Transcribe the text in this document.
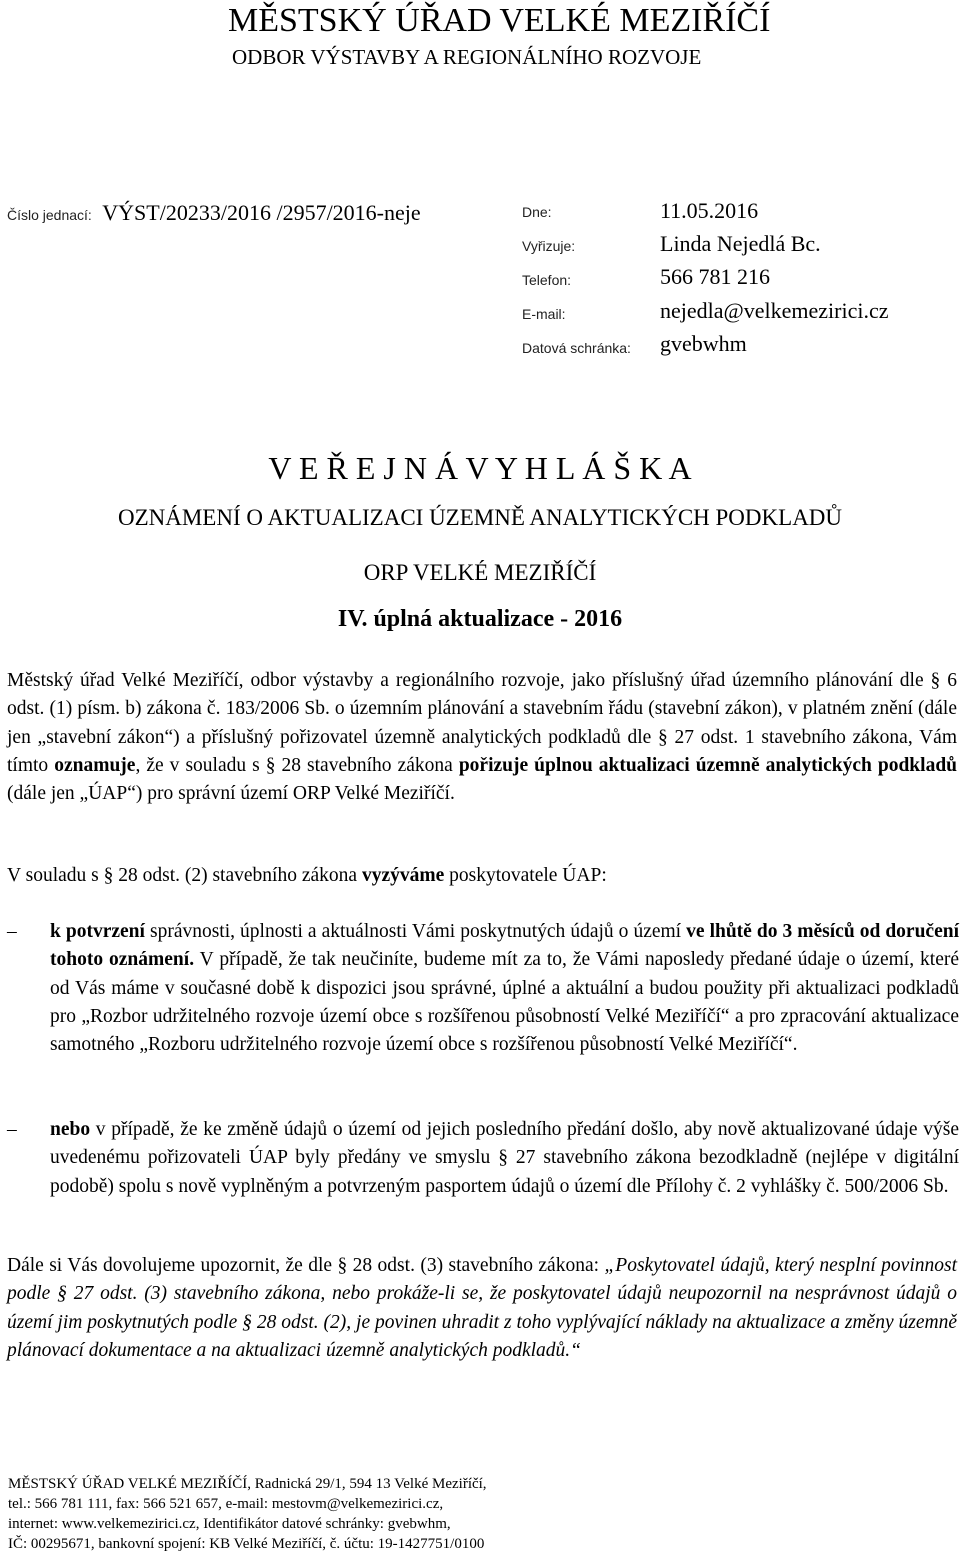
MĚSTSKÝ ÚŘAD VELKÉ MEZIŘÍČÍ
ODBOR VÝSTAVBY A REGIONÁLNÍHO ROZVOJE
Číslo jednací: VÝST/20233/2016 /2957/2016-neje	Dne:	11.05.2016
Vyřizuje:	Linda Nejedlá Bc.
Telefon:	566 781 216
E-mail:	nejedla@velkemezirici.cz
Datová schránka: gvebwhm
V E Ř E J N Á V Y H L Á Š K A
OZNÁMENÍ O AKTUALIZACI ÚZEMNĚ ANALYTICKÝCH PODKLADŮ
ORP VELKÉ MEZIŘÍČÍ
IV. úplná aktualizace - 2016
Městský úřad Velké Meziříčí, odbor výstavby a regionálního rozvoje, jako příslušný úřad územního plánování dle § 6 odst. (1) písm. b) zákona č. 183/2006 Sb. o územním plánování a stavebním řádu (stavební zákon), v platném znění (dále jen „stavební zákon“) a příslušný pořizovatel územně analytických podkladů dle § 27 odst. 1 stavebního zákona, Vám tímto oznamuje, že v souladu s § 28 stavebního zákona pořizuje úplnou aktualizaci územně analytických podkladů (dále jen „ÚAP“) pro správní území ORP Velké Meziříčí.
V souladu s § 28 odst. (2) stavebního zákona vyzýváme poskytovatele ÚAP:
–	k potvrzení správnosti, úplnosti a aktuálnosti Vámi poskytnutých údajů o území ve lhůtě do 3 měsíců od doručení tohoto oznámení. V případě, že tak neučiníte, budeme mít za to, že Vámi naposledy předané údaje o území, které od Vás máme v současné době k dispozici jsou správné, úplné a aktuální a budou použity při aktualizaci podkladů pro „Rozbor udržitelného rozvoje území obce s rozšířenou působností Velké Meziříčí“ a pro zpracování aktualizace samotného „Rozboru udržitelného rozvoje území obce s rozšířenou působností Velké Meziříčí“.
–	nebo v případě, že ke změně údajů o území od jejich posledního předání došlo, aby nově aktualizované údaje výše uvedenému pořizovateli ÚAP byly předány ve smyslu § 27 stavebního zákona bezodkladně (nejlépe v digitální podobě) spolu s nově vyplněným a potvrzeným pasportem údajů o území dle Přílohy č. 2 vyhlášky č. 500/2006 Sb.
Dále si Vás dovolujeme upozornit, že dle § 28 odst. (3) stavebního zákona: „Poskytovatel údajů, který nesplní povinnost podle § 27 odst. (3) stavebního zákona, nebo prokáže-li se, že poskytovatel údajů neupozornil na nesprávnost údajů o území jim poskytnutých podle § 28 odst. (2), je povinen uhradit z toho vyplývající náklady na aktualizace a změny územně plánovací dokumentace a na aktualizaci územně analytických podkladů.“
MĚSTSKÝ ÚŘAD VELKÉ MEZIŘÍČÍ, Radnická 29/1, 594 13 Velké Meziříčí,
tel.: 566 781 111, fax: 566 521 657, e-mail: mestovm@velkemezirici.cz,
internet: www.velkemezirici.cz, Identifikátor datové schránky: gvebwhm,
IČ: 00295671, bankovní spojení: KB Velké Meziříčí, č. účtu: 19-1427751/0100
